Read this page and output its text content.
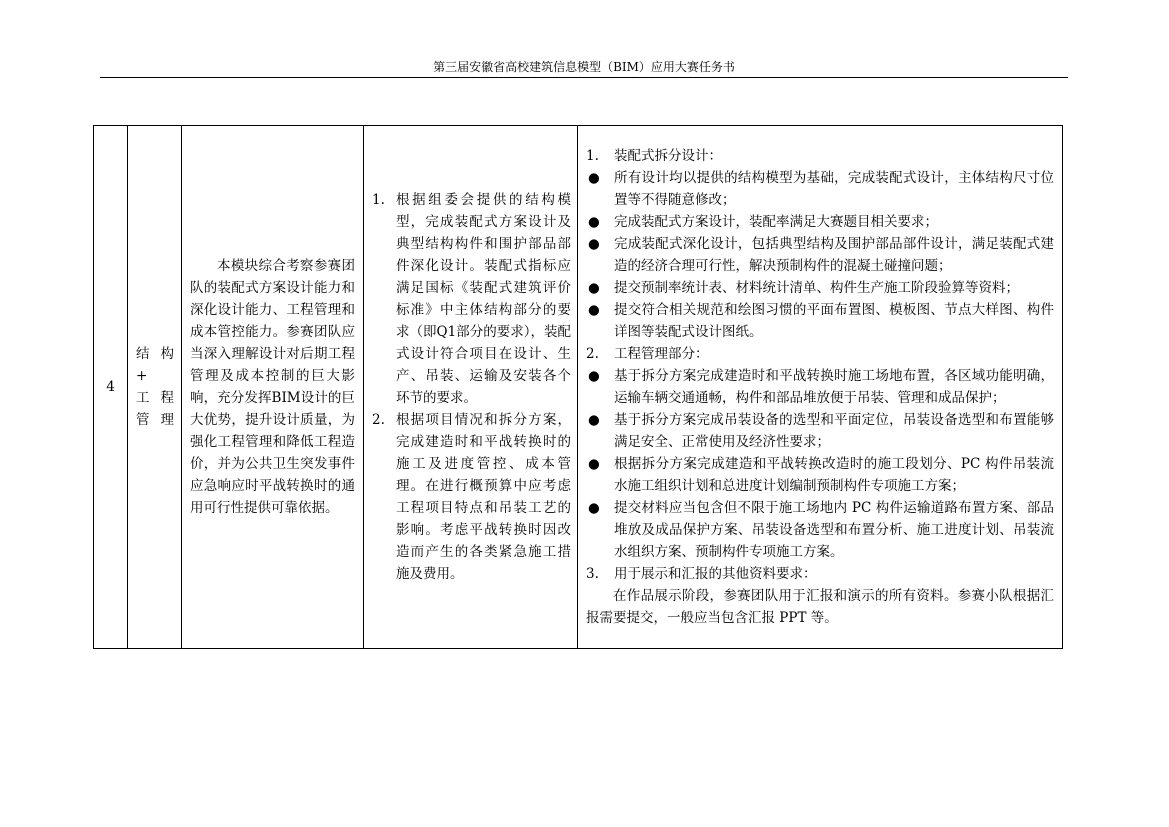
第三届安徽省高校建筑信息模型（BIM）应用大赛任务书
4	
结构+
工 程
管理

本模块综合考察参赛团队的装配式方案设计能力和深化设计能力、工程管理和成本管控能力。参赛团队应当深入理解设计对后期工程管理及成本控制的巨大影响，充分发挥BIM设计的巨大优势，提升设计质量，为强化工程管理和降低工程造价，并为公共卫生突发事件应急响应时平战转换时的通用可行性提供可靠依据。

1. 根据组委会提供的结构模型，完成装配式方案设计及典型结构构件和围护部品部件深化设计。装配式指标应满足国标《装配式建筑评价标准》中主体结构部分的要求（即Q1部分的要求），装配式设计符合项目在设计、生产、吊装、运输及安装各个环节的要求。
2. 根据项目情况和拆分方案，完成建造时和平战转换时的施工及进度管控、成本管理。在进行概预算中应考虑工程项目特点和吊装工艺的影响。考虑平战转换时因改造而产生的各类紧急施工措施及费用。

1. 装配式拆分设计：
● 所有设计均以提供的结构模型为基础，完成装配式设计，主体结构尺寸位置等不得随意修改；
● 完成装配式方案设计，装配率满足大赛题目相关要求；
● 完成装配式深化设计，包括典型结构及围护部品部件设计，满足装配式建造的经济合理可行性，解决预制构件的混凝土碰撞问题；
● 提交预制率统计表、材料统计清单、构件生产施工阶段验算等资料；
● 提交符合相关规范和绘图习惯的平面布置图、模板图、节点大样图、构件详图等装配式设计图纸。
2. 工程管理部分：
● 基于拆分方案完成建造时和平战转换时施工场地布置，各区域功能明确，运输车辆交通通畅，构件和部品堆放便于吊装、管理和成品保护；
● 基于拆分方案完成吊装设备的选型和平面定位，吊装设备选型和布置能够满足安全、正常使用及经济性要求；
● 根据拆分方案完成建造和平战转换改造时的施工段划分、PC 构件吊装流水施工组织计划和总进度计划编制预制构件专项施工方案；
● 提交材料应当包含但不限于施工场地内 PC 构件运输道路布置方案、部品堆放及成品保护方案、吊装设备选型和布置分析、施工进度计划、吊装流水组织方案、预制构件专项施工方案。
3. 用于展示和汇报的其他资料要求：
在作品展示阶段，参赛团队用于汇报和演示的所有资料。参赛小队根据汇报需要提交，一般应当包含汇报 PPT 等。
